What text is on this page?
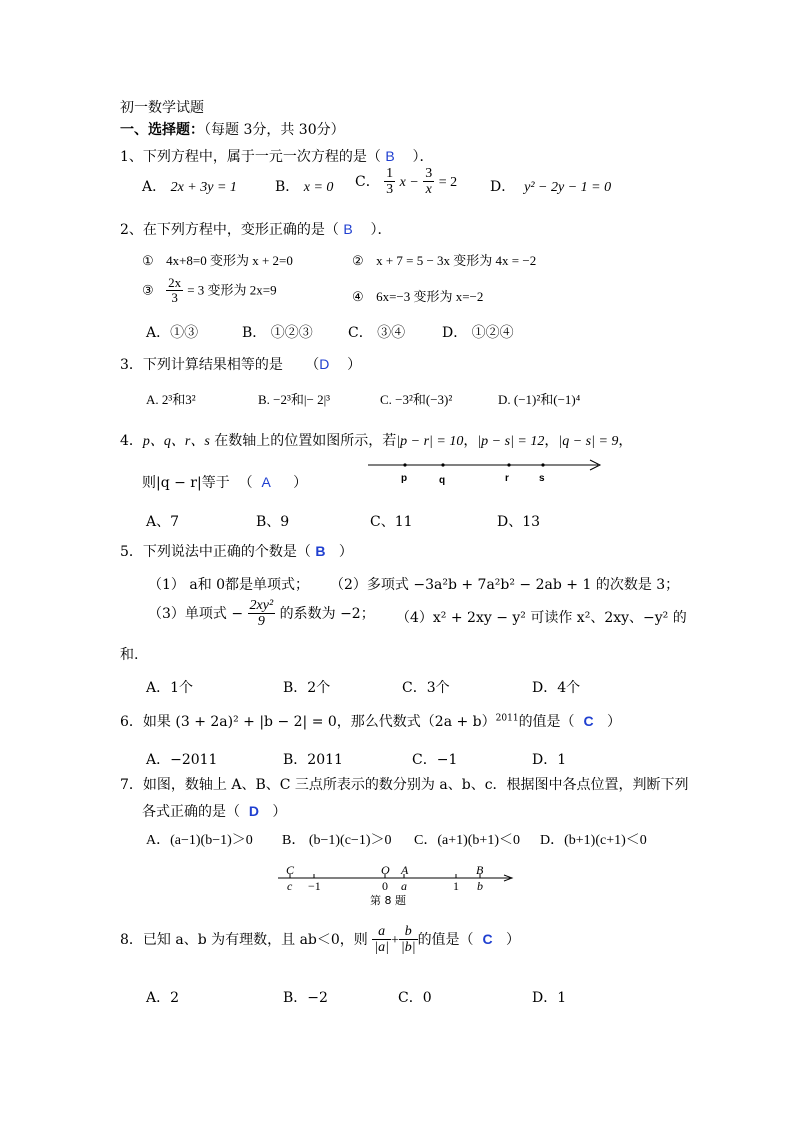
初一数学试题
一、选择题：（每题 3分，共 30分）
1、下列方程中，属于一元一次方程的是（ B ）．
A． 2x + 3y = 1	B． x = 0 C． $\frac{1}{3}$ $x - \frac{3}{x} = 2$ D． y² − 2y − 1 = 0
2、在下列方程中，变形正确的是（ B ）．
① 4x+8=0 变形为 x + 2=0	② x + 7 = 5 − 3x 变形为 4x = −2
③ $\frac{2x}{3} = 3$ 变形为 2x=9
④ 6x=−3 变形为 x=−2
A．①③	B． ①②③	C． ③④	D． ①②④
3．下列计算结果相等的是 （D ）
A. 2³和3²	B. −2³和|− 2|³	C. −3²和(−3)²	D. (−1)²和(−1)⁴
4．p、q、r、s 在数轴上的位置如图所示，若|p − r| = 10，|p − s| = 12，|q − s| = 9，
则|q − r|等于 （ A ）	p	q	r	s
A、7	B、9	C、11	D、13
5．下列说法中正确的个数是（ B ）
（1） a和 0都是单项式； （2）多项式 −3a²b + 7a²b² − 2ab + 1 的次数是 3；
（3）单项式 − $\frac{\text{2xy²}}{9}$ 的系数为 −2； （4）x² + 2xy − y² 可读作 x²、2xy、−y² 的
和.
A．1个	B．2个	C．3个	D．4个
6．如果 (3 + 2a)² + |b − 2| = 0，那么代数式$(2a + b)^{2011}$的值是（ C ）
A．−2011	B．2011	C．−1	D．1
7．如图，数轴上 A、B、C 三点所表示的数分别为 a、b、c．根据图中各点位置，判断下列
各式正确的是（ D ）
A．(a−1)(b−1)＞0 B． (b−1)(c−1)＞0 C．(a+1)(b+1)＜0 D．(b+1)(c+1)＜0
C	O A	B
c −1	0 a	1 b
第 8 题
8．已知 a、b 为有理数，且 ab＜0，则 $\frac{a}{|a|} + \frac{b}{|b|}$ 的值是（ C ）
A．2	B．−2	C．0	D．1
